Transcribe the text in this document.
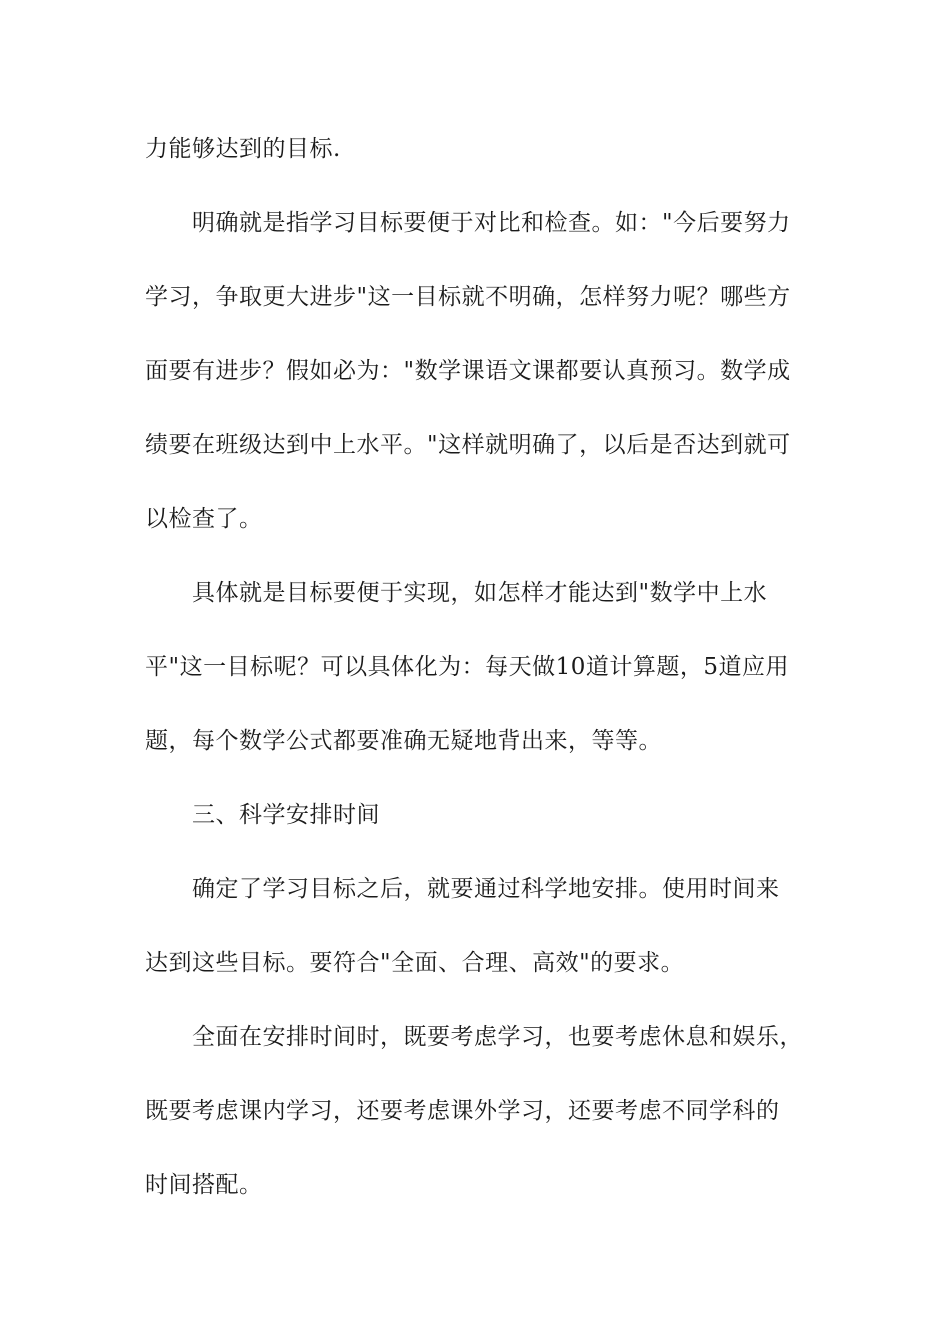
力能够达到的目标.
明确就是指学习目标要便于对比和检查。如："今后要努力
学习，争取更大进步"这一目标就不明确，怎样努力呢？哪些方
面要有进步？假如必为："数学课语文课都要认真预习。数学成
绩要在班级达到中上水平。"这样就明确了，以后是否达到就可
以检查了。
具体就是目标要便于实现，如怎样才能达到"数学中上水
平"这一目标呢？可以具体化为：每天做10道计算题，5道应用
题，每个数学公式都要准确无疑地背出来，等等。
三、科学安排时间
确定了学习目标之后，就要通过科学地安排。使用时间来
达到这些目标。要符合"全面、合理、高效"的要求。
全面在安排时间时，既要考虑学习，也要考虑休息和娱乐，
既要考虑课内学习，还要考虑课外学习，还要考虑不同学科的
时间搭配。
